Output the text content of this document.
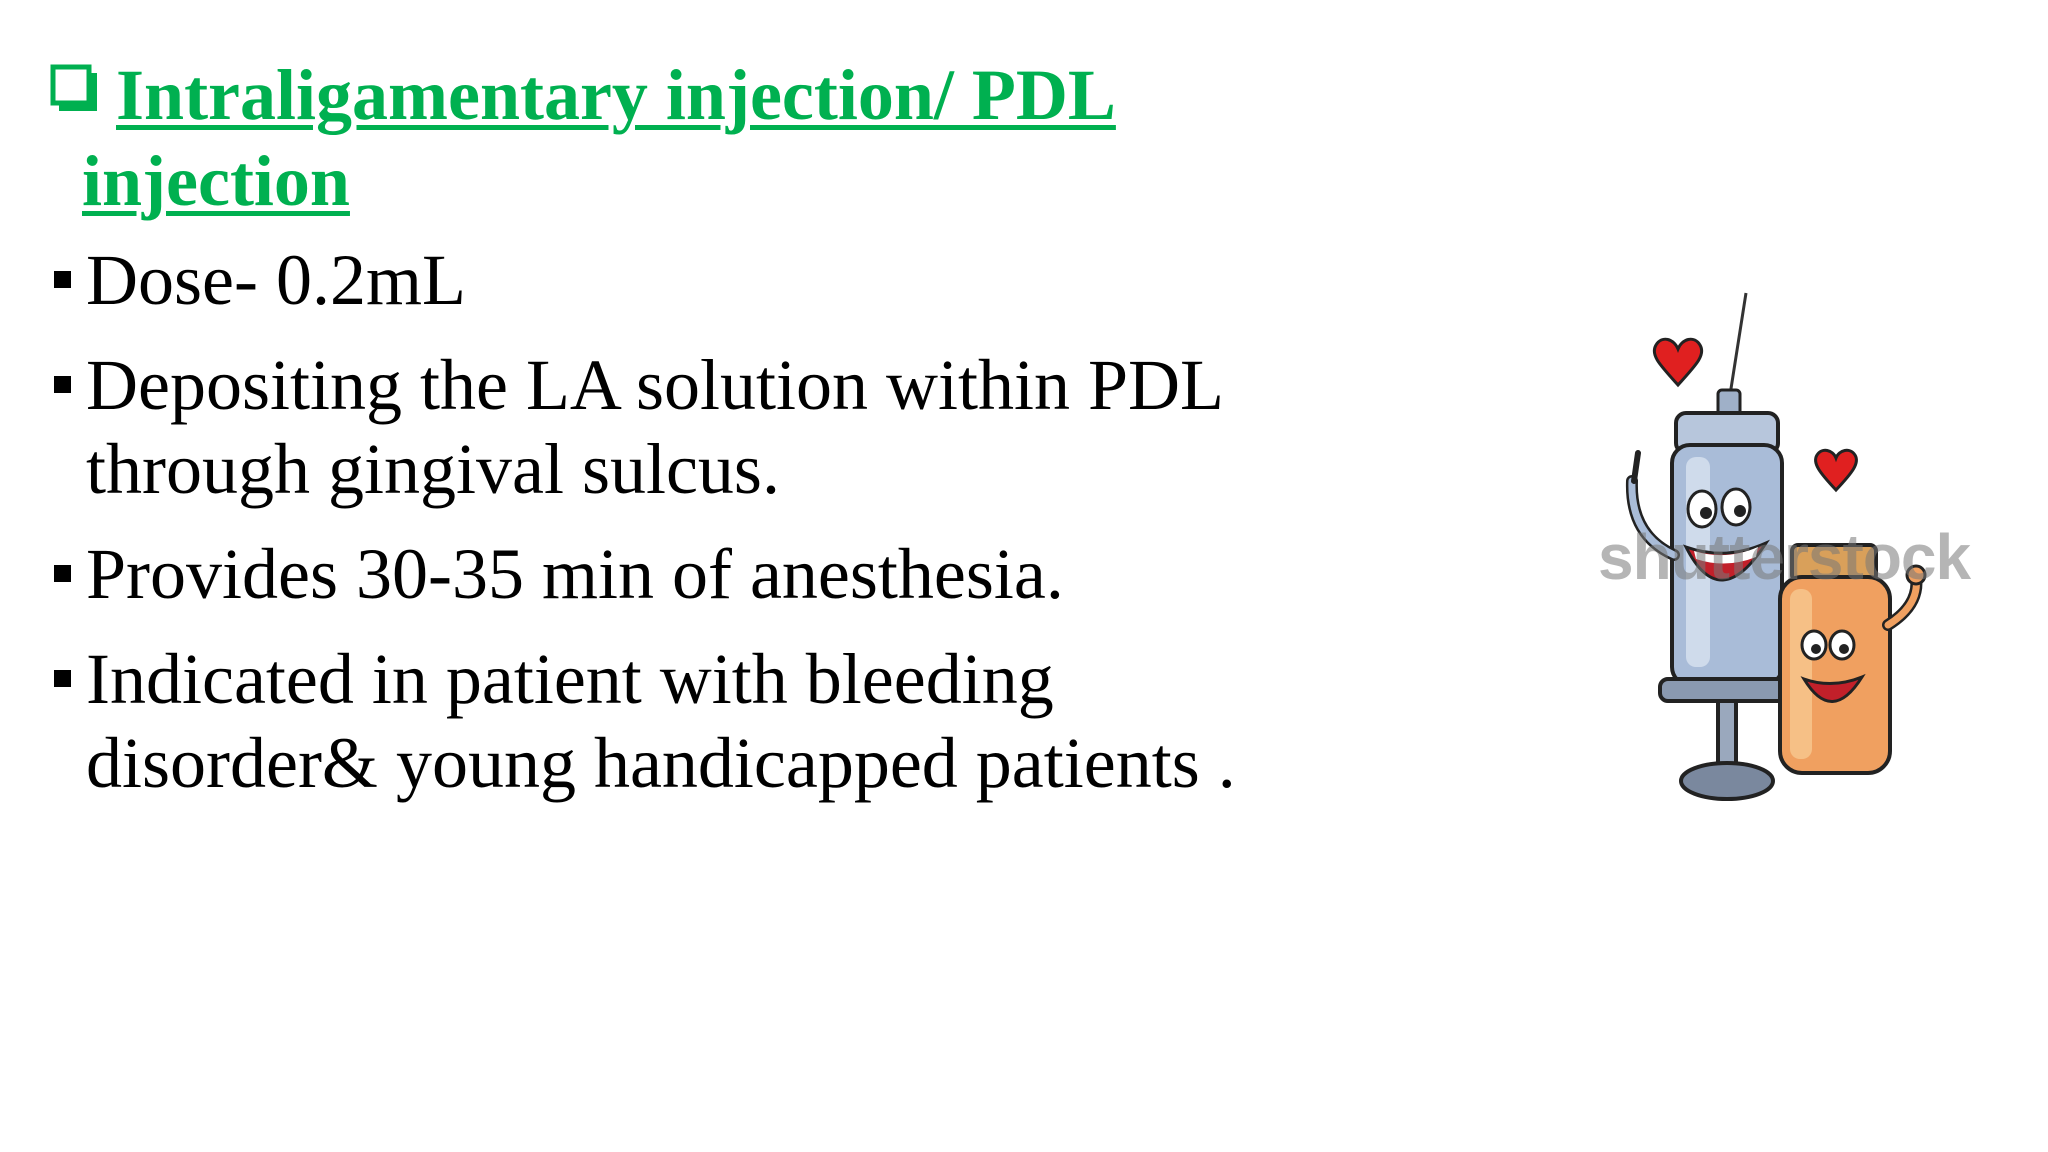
Intraligamentary injection/ PDL
injection
Dose- 0.2mL
Depositing the LA solution within PDL
through gingival sulcus.
Provides 30-35 min of anesthesia.
Indicated in patient with bleeding
disorder& young handicapped patients .
shutterstock
